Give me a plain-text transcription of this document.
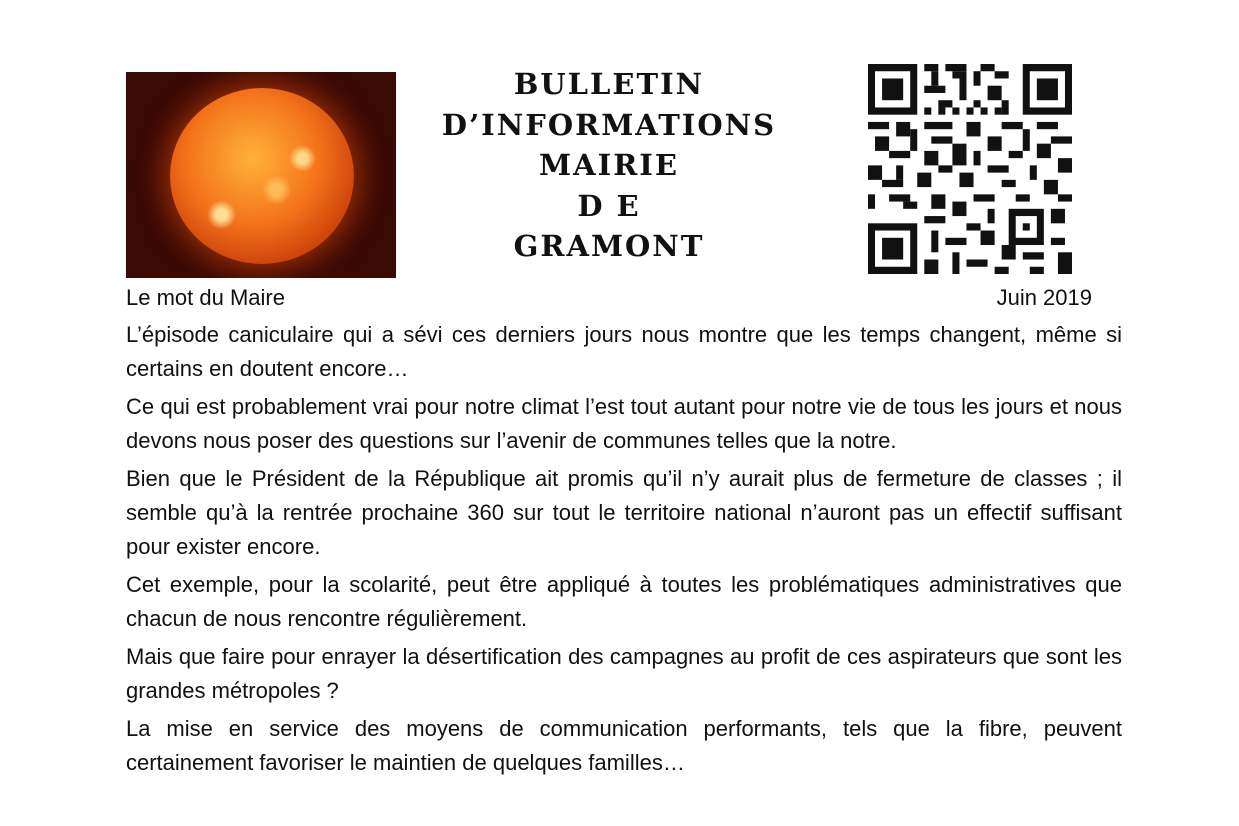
BULLETIN
D’INFORMATIONS
MAIRIE
D E
GRAMONT
Le mot du Maire	Juin 2019

L’épisode caniculaire qui a sévi ces derniers jours nous montre que les temps changent, même si certains en doutent encore…

Ce qui est probablement vrai pour notre climat l’est tout autant pour notre vie de tous les jours et nous devons nous poser des questions sur l’avenir de communes telles que la notre.

Bien que le Président de la République ait promis qu’il n’y aurait plus de fermeture de classes ; il semble qu’à la rentrée prochaine 360 sur tout le territoire national n’auront pas un effectif suffisant pour exister encore.

Cet exemple, pour la scolarité, peut être appliqué à toutes les problématiques administratives que chacun de nous rencontre régulièrement.

Mais que faire pour enrayer la désertification des campagnes au profit de ces aspirateurs que sont les grandes métropoles ?

La mise en service des moyens de communication performants, tels que la fibre, peuvent certainement favoriser le maintien de quelques familles…
